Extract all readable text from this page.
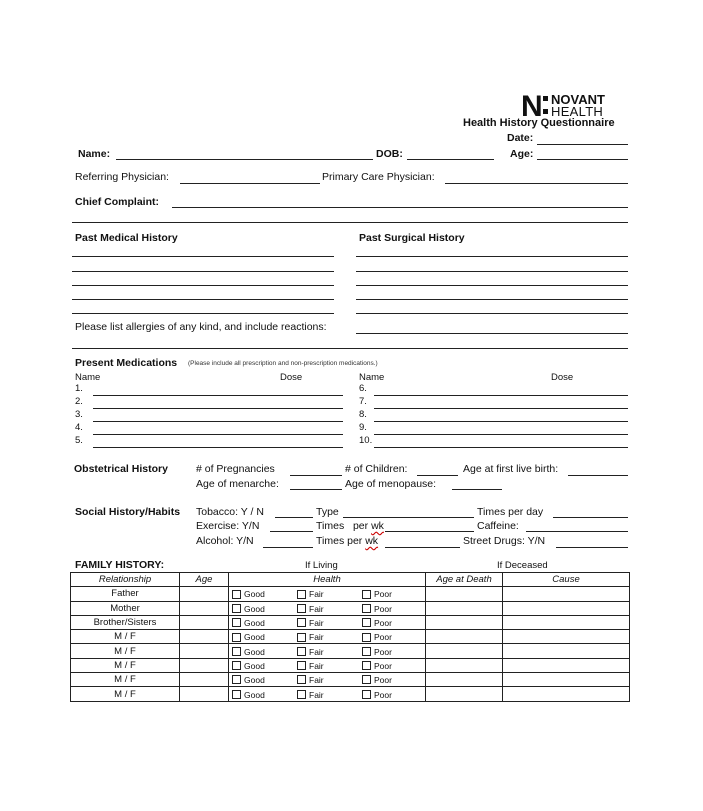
N NOVANT
HEALTH
Health History Questionnaire
Date:
Name:	DOB:	Age:
Referring Physician:	Primary Care Physician:
Chief Complaint:
Past Medical History	Past Surgical History
Please list allergies of any kind, and include reactions:
Present Medications (Please include all prescription and non-prescription medications.)
Name	Dose	Name	Dose
1.
2.
3.
4.
5.
6.
7.
8.
9.
10.
Obstetrical History	# of Pregnancies	# of Children:	Age at first live birth:
Age of menarche:	Age of menopause:
Social History/Habits Tobacco: Y / N	Type	Times per day
Exercise: Y/N	Times per wk	Caffeine:
Alcohol: Y/N	Times per wk	Street Drugs: Y/N
FAMILY HISTORY:	If Living	If Deceased
Relationship	Age	Health	Age at Death	Cause
Father		Good Fair Poor		
Mother		Good Fair Poor		
Brother/Sisters		Good Fair Poor		
M / F		Good Fair Poor		
M / F		Good Fair Poor		
M / F		Good Fair Poor		
M / F		Good Fair Poor		
M / F		Good Fair Poor		
